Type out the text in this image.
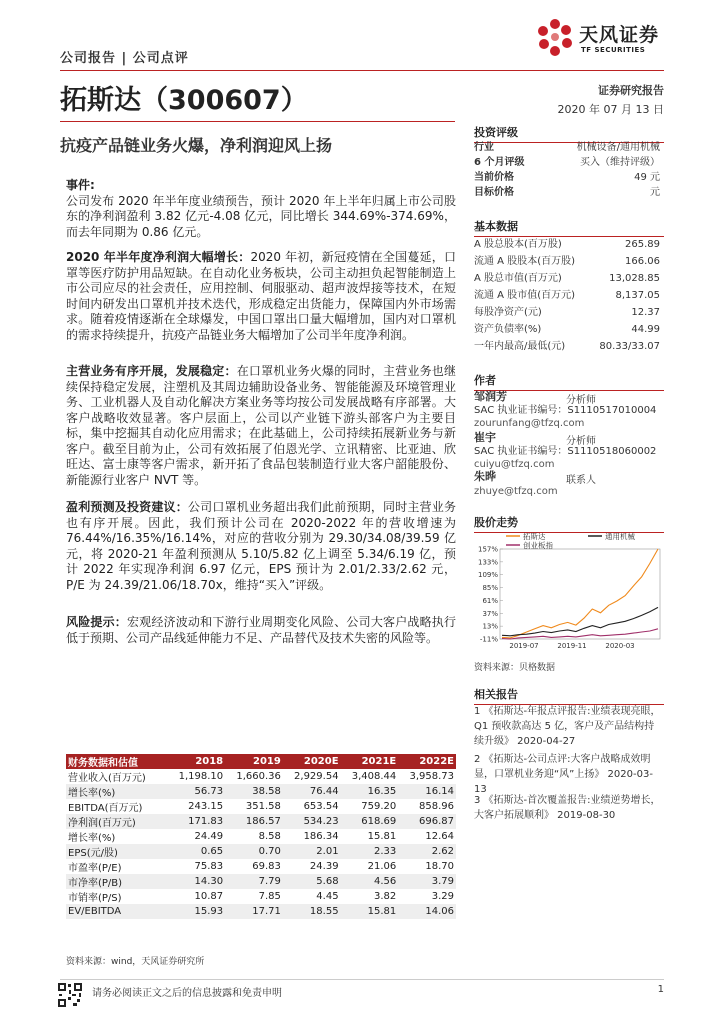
公司报告 | 公司点评
天风证券
TF SECURITIES
拓斯达（300607）	证券研究报告
2020 年 07 月 13 日
抗疫产品链业务火爆，净利润迎风上扬
事件:
公司发布 2020 年半年度业绩预告，预计 2020 年上半年归属上市公司股东的净利润盈利 3.82 亿元-4.08 亿元，同比增长 344.69%-374.69%，而去年同期为 0.86 亿元。
2020 年半年度净利润大幅增长：2020 年初，新冠疫情在全国蔓延，口罩等医疗防护用品短缺。在自动化业务板块，公司主动担负起智能制造上市公司应尽的社会责任，应用控制、伺服驱动、超声波焊接等技术，在短时间内研发出口罩机并技术迭代，形成稳定出货能力，保障国内外市场需求。随着疫情逐渐在全球爆发，中国口罩出口量大幅增加，国内对口罩机的需求持续提升，抗疫产品链业务大幅增加了公司半年度净利润。
主营业务有序开展，发展稳定：在口罩机业务火爆的同时，主营业务也继续保持稳定发展，注塑机及其周边辅助设备业务、智能能源及环境管理业务、工业机器人及自动化解决方案业务等均按公司发展战略有序部署。大客户战略收效显著。客户层面上，公司以产业链下游头部客户为主要目标，集中挖掘其自动化应用需求；在此基础上，公司持续拓展新业务与新客户。截至目前为止，公司有效拓展了伯恩光学、立讯精密、比亚迪、欣旺达、富士康等客户需求，新开拓了食品包装制造行业大客户韶能股份、新能源行业客户 NVT 等。
盈利预测及投资建议：公司口罩机业务超出我们此前预期，同时主营业务也有序开展。因此，我们预计公司在 2020-2022 年的营收增速为 76.44%/16.35%/16.14%，对应的营收分别为 29.30/34.08/39.59 亿元，将 2020-21 年盈利预测从 5.10/5.82 亿上调至 5.34/6.19 亿，预计 2022 年实现净利润 6.97 亿元，EPS 预计为 2.01/2.33/2.62 元，P/E 为 24.39/21.06/18.70x，维持“买入”评级。
风险提示：宏观经济波动和下游行业周期变化风险、公司大客户战略执行低于预期、公司产品线延伸能力不足、产品替代及技术失密的风险等。
投资评级
行业	机械设备/通用机械
6 个月评级	买入（维持评级）
当前价格	49 元
目标价格	元
基本数据
A 股总股本(百万股)	265.89
流通 A 股股本(百万股)	166.06
A 股总市值(百万元)	13,028.85
流通 A 股市值(百万元)	8,137.05
每股净资产(元)	12.37
资产负债率(%)	44.99
一年内最高/最低(元)	80.33/33.07
作者
邹润芳	分析师
SAC 执业证书编号：S1110517010004
zourunfang@tfzq.com
崔宇	分析师
SAC 执业证书编号：S1110518060002
cuiyu@tfzq.com
朱晔	联系人
zhuye@tfzq.com
股价走势
157%
133%
109%
85%
61%
37%
13%
-11%
2019-07	2019-11	2020-03
拓斯达	通用机械
创业板指
资料来源：贝格数据
相关报告
1 《拓斯达-年报点评报告:业绩表现亮眼，Q1 预收款高达 5 亿，客户及产品结构持续升级》 2020-04-27
2 《拓斯达-公司点评:大客户战略成效明显，口罩机业务迎“风”上扬》 2020-03-13
3 《拓斯达-首次覆盖报告:业绩逆势增长，大客户拓展顺利》 2019-08-30
财务数据和估值	2018	2019	2020E	2021E	2022E
营业收入(百万元)	1,198.10	1,660.36	2,929.54	3,408.44	3,958.73
增长率(%)	56.73	38.58	76.44	16.35	16.14
EBITDA(百万元)	243.15	351.58	653.54	759.20	858.96
净利润(百万元)	171.83	186.57	534.23	618.69	696.87
增长率(%)	24.49	8.58	186.34	15.81	12.64
EPS(元/股)	0.65	0.70	2.01	2.33	2.62
市盈率(P/E)	75.83	69.83	24.39	21.06	18.70
市净率(P/B)	14.30	7.79	5.68	4.56	3.79
市销率(P/S)	10.87	7.85	4.45	3.82	3.29
EV/EBITDA	15.93	17.71	18.55	15.81	14.06
资料来源：wind，天风证券研究所
请务必阅读正文之后的信息披露和免责申明	1
